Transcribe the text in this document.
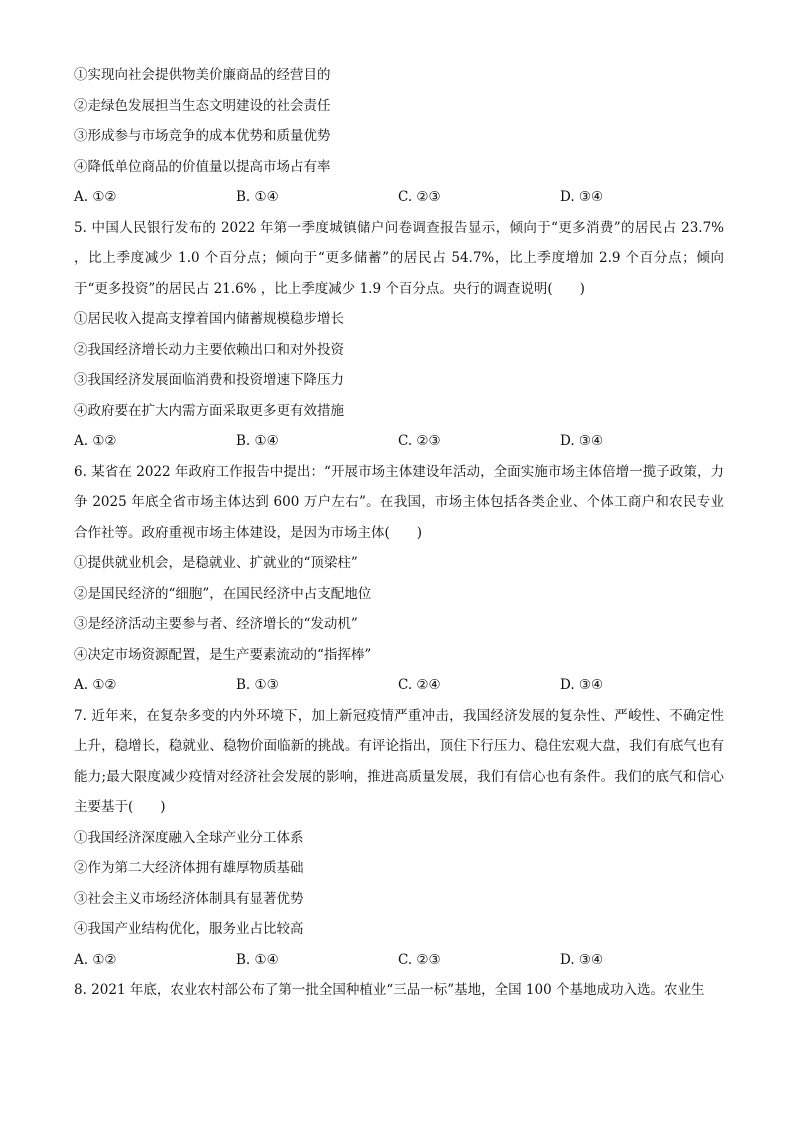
①实现向社会提供物美价廉商品的经营目的
②走绿色发展担当生态文明建设的社会责任
③形成参与市场竞争的成本优势和质量优势
④降低单位商品的价值量以提高市场占有率
A. ①②	B. ①④	C. ②③	D. ③④
5. 中国人民银行发布的 2022 年第一季度城镇储户问卷调查报告显示，倾向于“更多消费”的居民占 23.7% ，比上季度减少 1.0 个百分点；倾向于“更多储蓄”的居民占 54.7%，比上季度增加 2.9 个百分点；倾向于“更多投资”的居民占 21.6% ，比上季度减少 1.9 个百分点。央行的调查说明(　　)
①居民收入提高支撑着国内储蓄规模稳步增长
②我国经济增长动力主要依赖出口和对外投资
③我国经济发展面临消费和投资增速下降压力
④政府要在扩大内需方面采取更多更有效措施
A. ①②	B. ①④	C. ②③	D. ③④
6. 某省在 2022 年政府工作报告中提出：“开展市场主体建设年活动，全面实施市场主体倍增一揽子政策，力争 2025 年底全省市场主体达到 600 万户左右”。在我国，市场主体包括各类企业、个体工商户和农民专业合作社等。政府重视市场主体建设，是因为市场主体(　　)
①提供就业机会，是稳就业、扩就业的“顶梁柱”
②是国民经济的“细胞”，在国民经济中占支配地位
③是经济活动主要参与者、经济增长的“发动机”
④决定市场资源配置，是生产要素流动的“指挥棒”
A. ①②	B. ①③	C. ②④	D. ③④
7. 近年来，在复杂多变的内外环境下，加上新冠疫情严重冲击，我国经济发展的复杂性、严峻性、不确定性上升，稳增长，稳就业、稳物价面临新的挑战。有评论指出，顶住下行压力、稳住宏观大盘，我们有底气也有能力;最大限度减少疫情对经济社会发展的影响，推进高质量发展，我们有信心也有条件。我们的底气和信心主要基于(　　)
①我国经济深度融入全球产业分工体系
②作为第二大经济体拥有雄厚物质基础
③社会主义市场经济体制具有显著优势
④我国产业结构优化，服务业占比较高
A. ①②	B. ①④	C. ②③	D. ③④
8. 2021 年底，农业农村部公布了第一批全国种植业“三品一标”基地，全国 100 个基地成功入选。农业生
